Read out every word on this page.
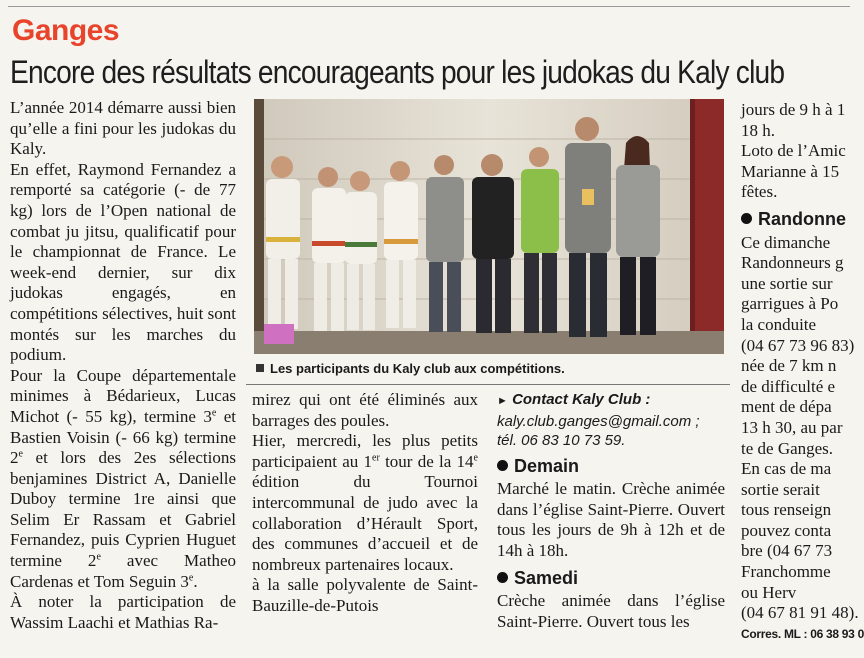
Ganges
Encore des résultats encourageants pour les judokas du Kaly club

L’année 2014 démarre aussi bien qu’elle a fini pour les judokas du Kaly.

En effet, Raymond Fernandez a remporté sa catégorie (- de 77 kg) lors de l’Open national de combat ju jitsu, qualificatif pour le championnat de France. Le week-end dernier, sur dix judokas engagés, en compétitions sélectives, huit sont montés sur les marches du podium.

Pour la Coupe départementale minimes à Bédarieux, Lucas Michot (- 55 kg), termine 3e et Bastien Voisin (- 66 kg) termine 2e et lors des 2es sélections benjamines District A, Danielle Duboy termine 1re ainsi que Selim Er Rassam et Gabriel Fernandez, puis Cyprien Huguet termine 2e avec Matheo Cardenas et Tom Seguin 3e.

À noter la participation de Wassim Laachi et Mathias Ra-

Les participants du Kaly club aux compétitions.

mirez qui ont été éliminés aux barrages des poules.

Hier, mercredi, les plus petits participaient au 1er tour de la 14e édition du Tournoi intercommunal de judo avec la collaboration d’Hérault Sport, des communes d’accueil et de nombreux partenaires locaux.

à la salle polyvalente de Saint-Bauzille-de-Putois

► Contact Kaly Club :
kaly.club.ganges@gmail.com ;
tél. 06 83 10 73 59.
Demain

Marché le matin. Crèche animée dans l’église Saint-Pierre. Ouvert tous les jours de 9h à 12h et de 14h à 18h.

Samedi

Crèche animée dans l’église Saint-Pierre. Ouvert tous les

jours de 9 h à 1
18 h.
Loto de l’Amic
Marianne à 15
fêtes.
Randonne
Ce dimanche
Randonneurs g
une sortie sur
garrigues à Po
la conduite
(04 67 73 96 83)
née de 7 km n
de difficulté e
ment de dépa
13 h 30, au par
te de Ganges.
En cas de ma
sortie serait
tous renseign
pouvez conta
bre (04 67 73
Franchomme
ou Herv
(04 67 81 91 48).
Corres. ML : 06 38 93 0
